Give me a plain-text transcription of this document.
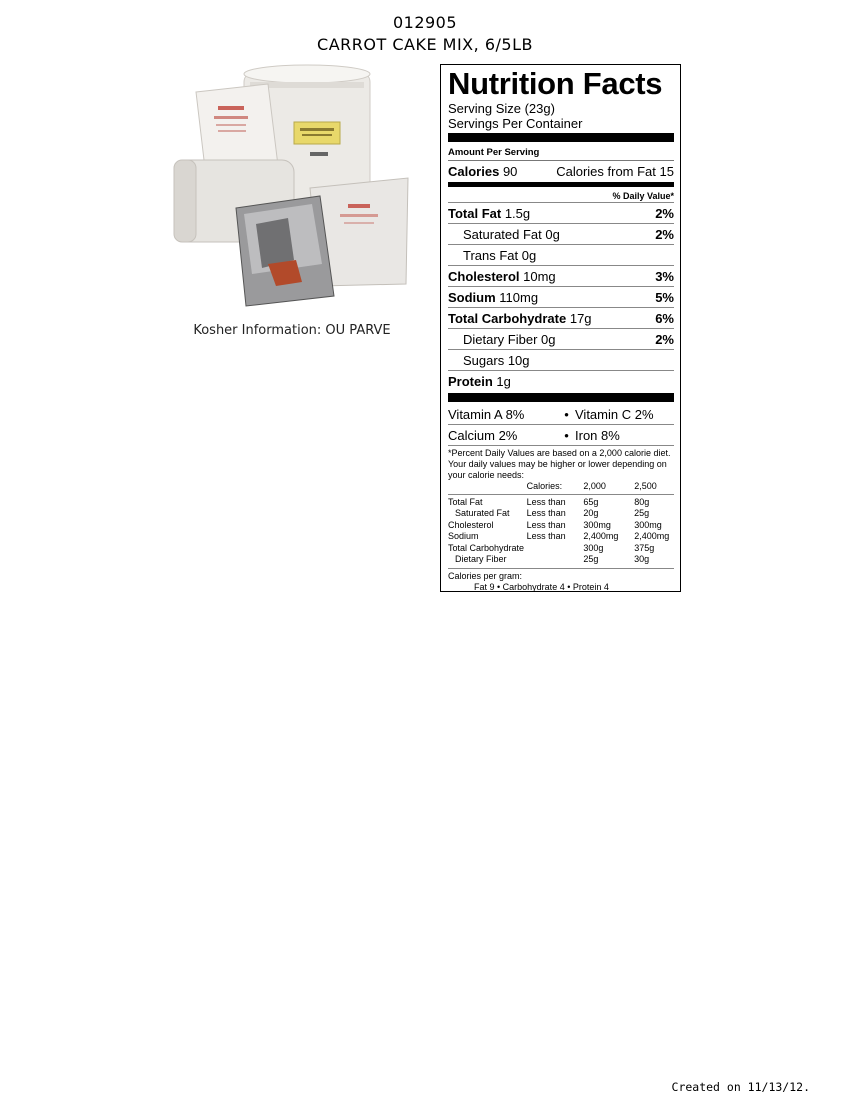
012905
CARROT CAKE MIX, 6/5LB
Kosher Information: OU PARVE
Nutrition Facts
Serving Size (23g)
Servings Per Container
Amount Per Serving
Calories 90	Calories from Fat 15
% Daily Value*
Total Fat 1.5g	2%
Saturated Fat 0g	2%
Trans Fat 0g
Cholesterol 10mg	3%
Sodium 110mg	5%
Total Carbohydrate 17g	6%
Dietary Fiber 0g	2%
Sugars 10g
Protein 1g
Vitamin A 8%	• Vitamin C 2%
Calcium 2%	• Iron 8%
*Percent Daily Values are based on a 2,000 calorie diet. Your daily values may be higher or lower depending on your calorie needs:
Calories:	2,000	2,500
Total Fat	Less than	65g	80g
Saturated Fat	Less than	20g	25g
Cholesterol	Less than	300mg	300mg
Sodium	Less than	2,400mg	2,400mg
Total Carbohydrate	300g	375g
Dietary Fiber	25g	30g
Calories per gram:
Fat 9 • Carbohydrate 4 • Protein 4
Created on 11/13/12.
